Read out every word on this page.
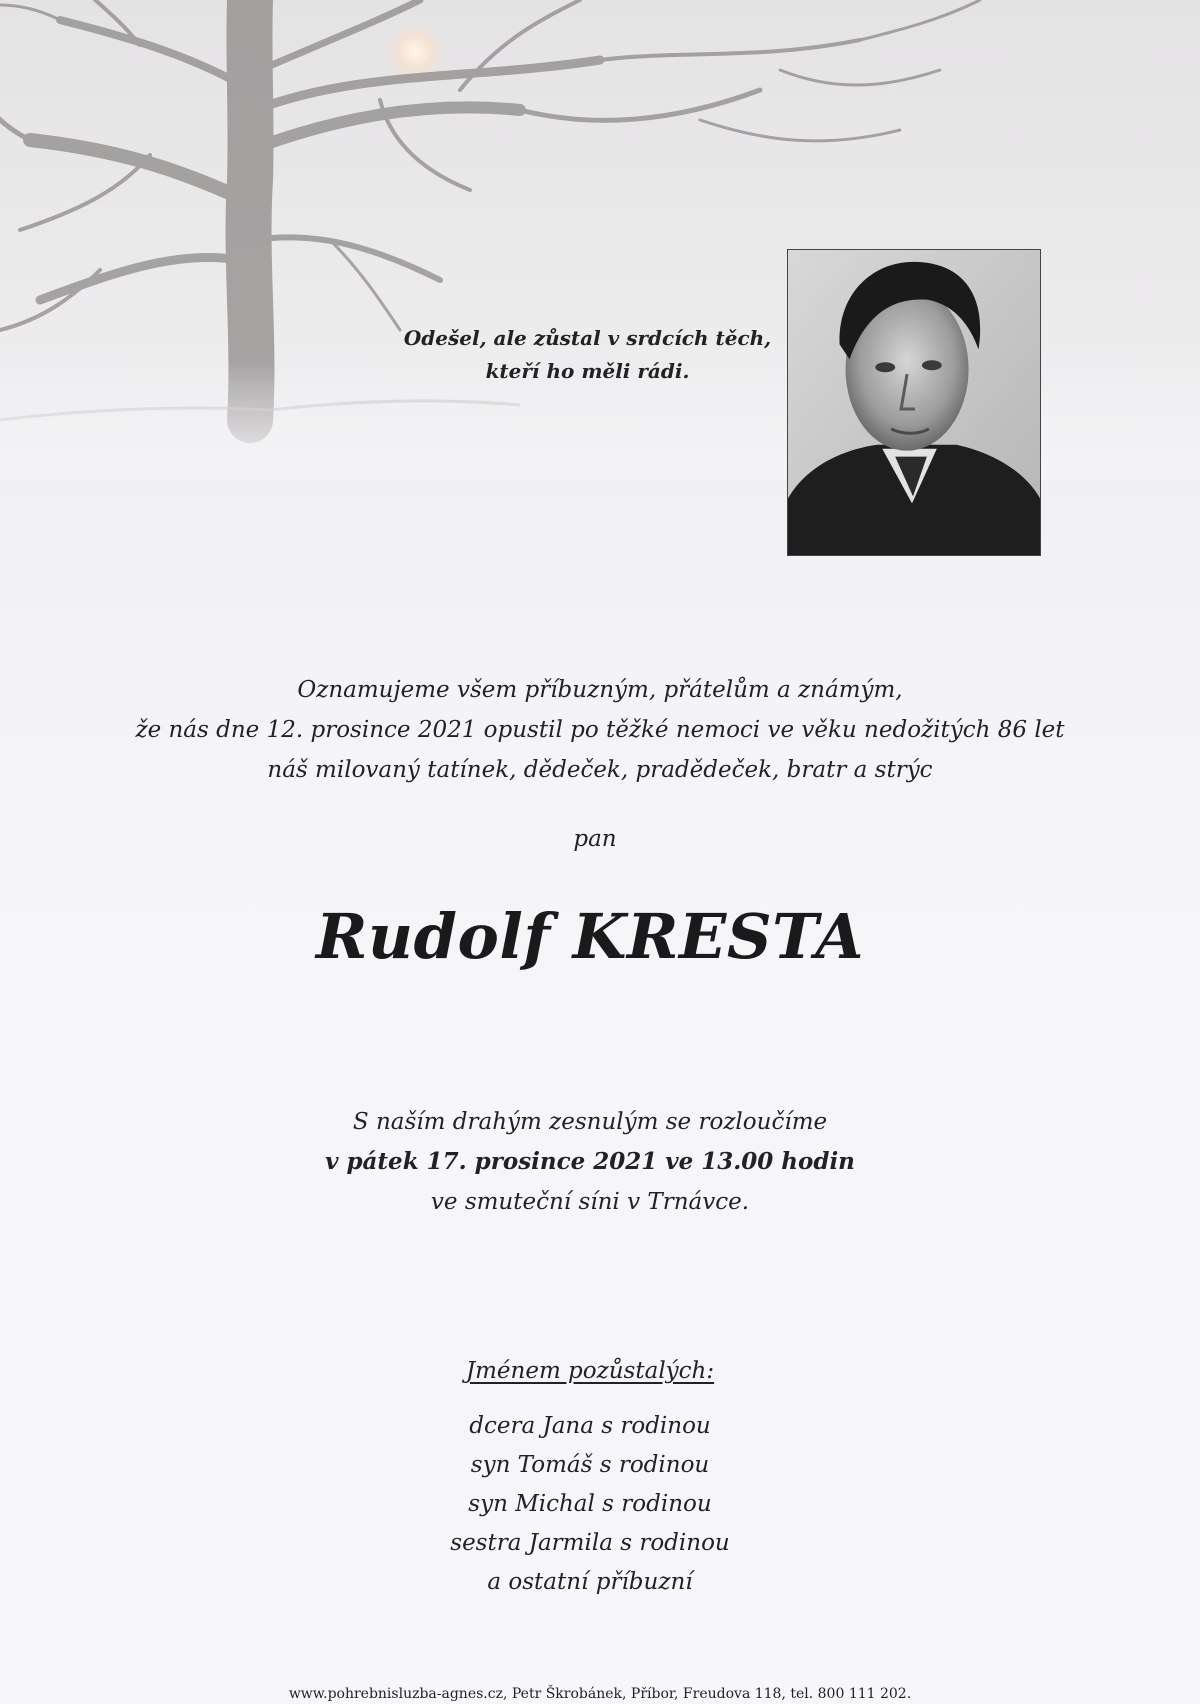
Odešel, ale zůstal v srdcích těch,
kteří ho měli rádi.
Oznamujeme všem příbuzným, přátelům a známým,
že nás dne 12. prosince 2021 opustil po těžké nemoci ve věku nedožitých 86 let
náš milovaný tatínek, dědeček, pradědeček, bratr a strýc
pan
Rudolf KRESTA
S naším drahým zesnulým se rozloučíme
v pátek 17. prosince 2021 ve 13.00 hodin
ve smuteční síni v Trnávce.
Jménem pozůstalých:
dcera Jana s rodinou
syn Tomáš s rodinou
syn Michal s rodinou
sestra Jarmila s rodinou
a ostatní příbuzní
www.pohrebnisluzba-agnes.cz, Petr Škrobánek, Příbor, Freudova 118, tel. 800 111 202.
